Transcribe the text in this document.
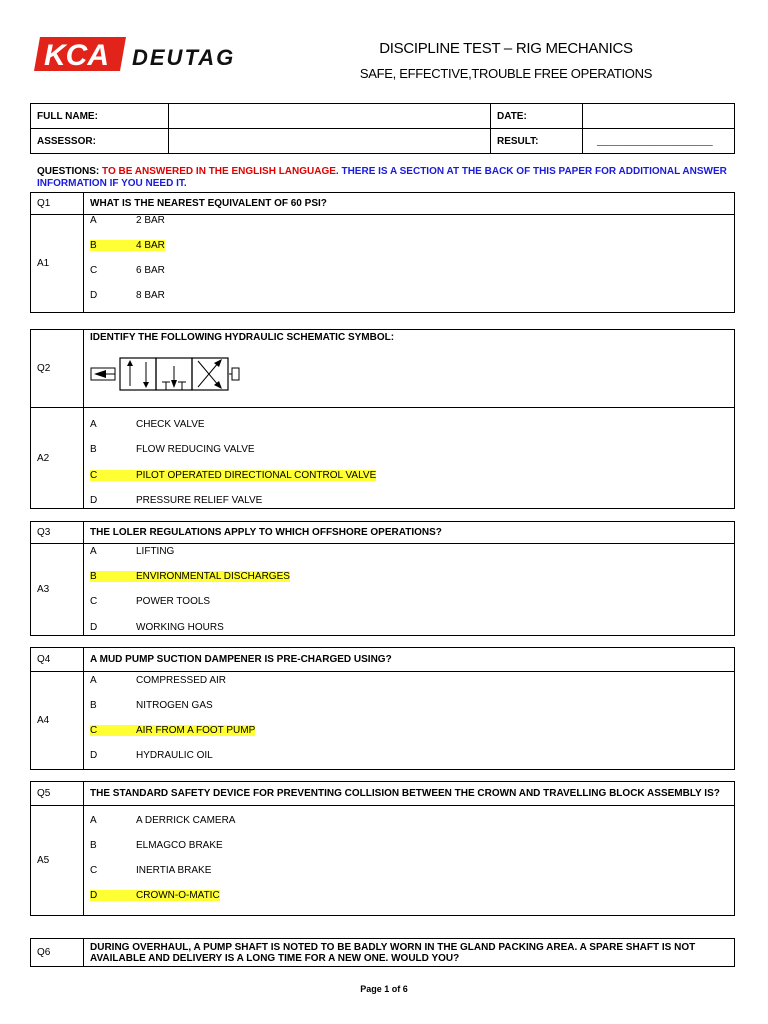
KCA DEUTAG	DISCIPLINE TEST – RIG MECHANICS
SAFE, EFFECTIVE,TROUBLE FREE OPERATIONS
FULL NAME:		DATE:	
ASSESSOR:		RESULT:	__________________________
QUESTIONS: TO BE ANSWERED IN THE ENGLISH LANGUAGE. THERE IS A SECTION AT THE BACK OF THIS PAPER FOR ADDITIONAL ANSWER INFORMATION IF YOU NEED IT.
Q1	WHAT IS THE NEAREST EQUIVALENT OF 60 PSI?
A1	A 2 BAR
B 4 BAR
C 6 BAR
D 8 BAR
Q2	IDENTIFY THE FOLLOWING HYDRAULIC SCHEMATIC SYMBOL:

A2	A CHECK VALVE
B FLOW REDUCING VALVE
C PILOT OPERATED DIRECTIONAL CONTROL VALVE
D PRESSURE RELIEF VALVE
Q3	THE LOLER REGULATIONS APPLY TO WHICH OFFSHORE OPERATIONS?
A3	A LIFTING
B ENVIRONMENTAL DISCHARGES
C POWER TOOLS
D WORKING HOURS
Q4	A MUD PUMP SUCTION DAMPENER IS PRE-CHARGED USING?
A4	A COMPRESSED AIR
B NITROGEN GAS
C AIR FROM A FOOT PUMP
D HYDRAULIC OIL
Q5	THE STANDARD SAFETY DEVICE FOR PREVENTING COLLISION BETWEEN THE CROWN AND TRAVELLING BLOCK ASSEMBLY IS?
A5	A A DERRICK CAMERA
B ELMAGCO BRAKE
C INERTIA BRAKE
D CROWN-O-MATIC
Q6	DURING OVERHAUL, A PUMP SHAFT IS NOTED TO BE BADLY WORN IN THE GLAND PACKING AREA. A SPARE SHAFT IS NOT AVAILABLE AND DELIVERY IS A LONG TIME FOR A NEW ONE. WOULD YOU?
Page 1 of 6
